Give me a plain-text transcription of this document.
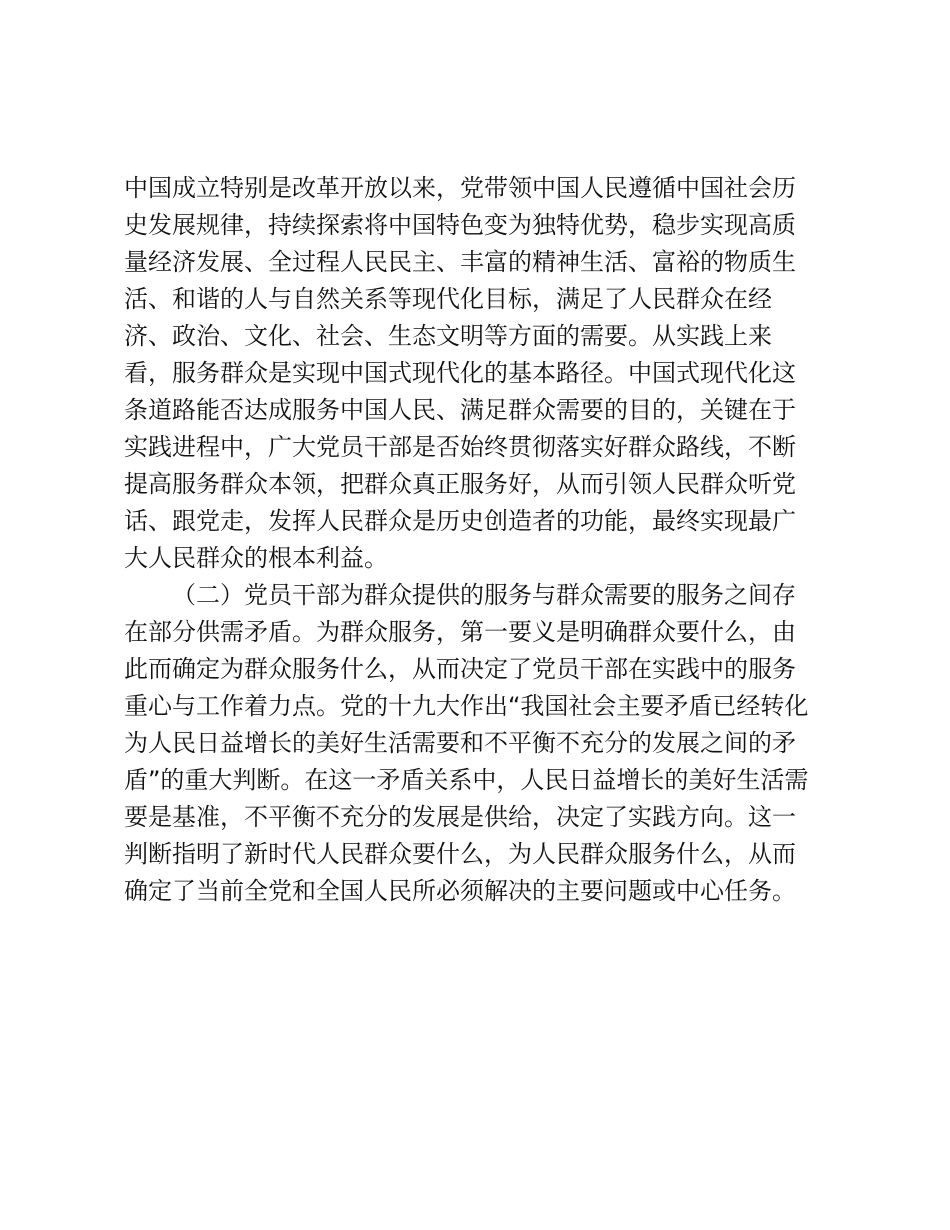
中国成立特别是改革开放以来，党带领中国人民遵循中国社会历
史发展规律，持续探索将中国特色变为独特优势，稳步实现高质
量经济发展、全过程人民民主、丰富的精神生活、富裕的物质生
活、和谐的人与自然关系等现代化目标，满足了人民群众在经
济、政治、文化、社会、生态文明等方面的需要。从实践上来
看，服务群众是实现中国式现代化的基本路径。中国式现代化这
条道路能否达成服务中国人民、满足群众需要的目的，关键在于
实践进程中，广大党员干部是否始终贯彻落实好群众路线，不断
提高服务群众本领，把群众真正服务好，从而引领人民群众听党
话、跟党走，发挥人民群众是历史创造者的功能，最终实现最广
大人民群众的根本利益。
（二）党员干部为群众提供的服务与群众需要的服务之间存
在部分供需矛盾。为群众服务，第一要义是明确群众要什么，由
此而确定为群众服务什么，从而决定了党员干部在实践中的服务
重心与工作着力点。党的十九大作出“我国社会主要矛盾已经转化
为人民日益增长的美好生活需要和不平衡不充分的发展之间的矛
盾”的重大判断。在这一矛盾关系中，人民日益增长的美好生活需
要是基准，不平衡不充分的发展是供给，决定了实践方向。这一
判断指明了新时代人民群众要什么，为人民群众服务什么，从而
确定了当前全党和全国人民所必须解决的主要问题或中心任务。
